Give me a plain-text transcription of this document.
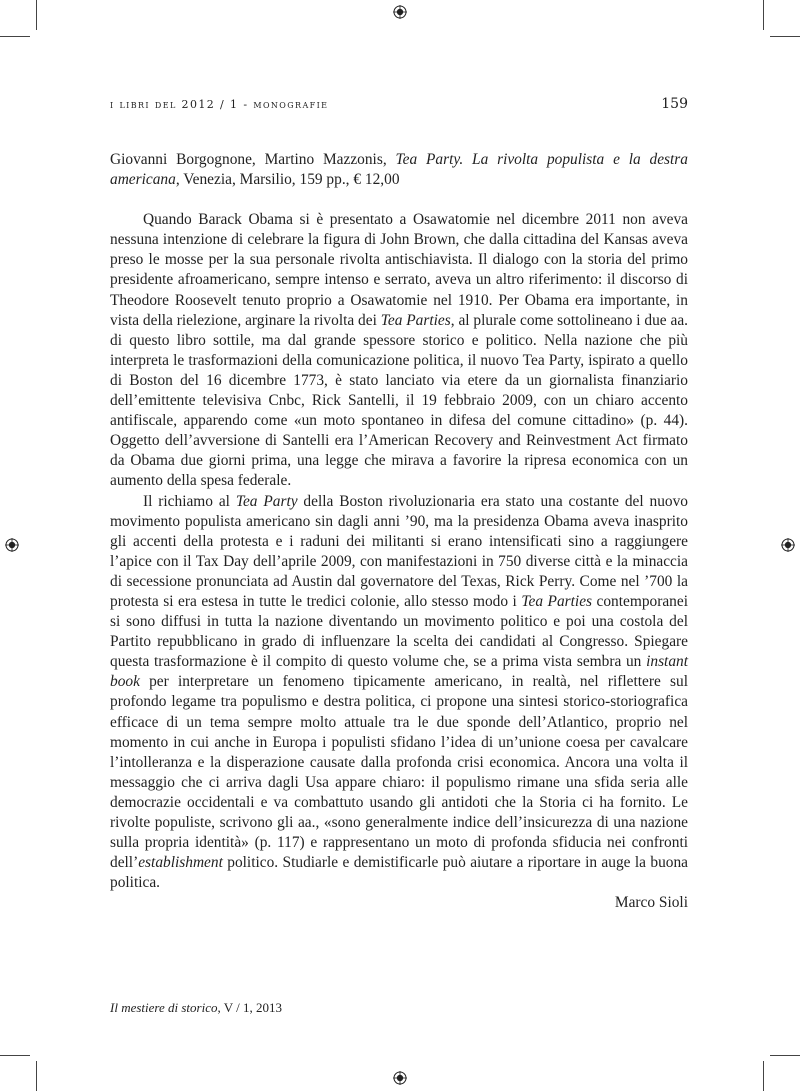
i libri del 2012 / 1 - monografie	159

Giovanni Borgognone, Martino Mazzonis, Tea Party. La rivolta populista e la destra americana, Venezia, Marsilio, 159 pp., € 12,00

Quando Barack Obama si è presentato a Osawatomie nel dicembre 2011 non aveva nessuna intenzione di celebrare la figura di John Brown, che dalla cittadina del Kansas aveva preso le mosse per la sua personale rivolta antischiavista. Il dialogo con la storia del primo presidente afroamericano, sempre intenso e serrato, aveva un altro riferimento: il discorso di Theodore Roosevelt tenuto proprio a Osawatomie nel 1910. Per Obama era importante, in vista della rielezione, arginare la rivolta dei Tea Parties, al plurale come sottolineano i due aa. di questo libro sottile, ma dal grande spessore storico e politico. Nella nazione che più interpreta le trasformazioni della comunicazione politica, il nuovo Tea Party, ispirato a quello di Boston del 16 dicembre 1773, è stato lanciato via etere da un giornalista finanziario dell’emittente televisiva Cnbc, Rick Santelli, il 19 febbraio 2009, con un chiaro accento antifiscale, apparendo come «un moto spontaneo in difesa del comune cittadino» (p. 44). Oggetto dell’avversione di Santelli era l’American Recovery and Reinvestment Act firmato da Obama due giorni prima, una legge che mirava a favorire la ripresa economica con un aumento della spesa federale.

Il richiamo al Tea Party della Boston rivoluzionaria era stato una costante del nuovo movimento populista americano sin dagli anni ’90, ma la presidenza Obama aveva inasprito gli accenti della protesta e i raduni dei militanti si erano intensificati sino a raggiungere l’apice con il Tax Day dell’aprile 2009, con manifestazioni in 750 diverse città e la minaccia di secessione pronunciata ad Austin dal governatore del Texas, Rick Perry. Come nel ’700 la protesta si era estesa in tutte le tredici colonie, allo stesso modo i Tea Parties contemporanei si sono diffusi in tutta la nazione diventando un movimento politico e poi una costola del Partito repubblicano in grado di influenzare la scelta dei candidati al Congresso. Spiegare questa trasformazione è il compito di questo volume che, se a prima vista sembra un instant book per interpretare un fenomeno tipicamente americano, in realtà, nel riflettere sul profondo legame tra populismo e destra politica, ci propone una sintesi storico-storiografica efficace di un tema sempre molto attuale tra le due sponde dell’Atlantico, proprio nel momento in cui anche in Europa i populisti sfidano l’idea di un’unione coesa per cavalcare l’intolleranza e la disperazione causate dalla profonda crisi economica. Ancora una volta il messaggio che ci arriva dagli Usa appare chiaro: il populismo rimane una sfida seria alle democrazie occidentali e va combattuto usando gli antidoti che la Storia ci ha fornito. Le rivolte populiste, scrivono gli aa., «sono generalmente indice dell’insicurezza di una nazione sulla propria identità» (p. 117) e rappresentano un moto di profonda sfiducia nei confronti dell’establishment politico. Studiarle e demistificarle può aiutare a riportare in auge la buona politica.

Marco Sioli

Il mestiere di storico, V / 1, 2013
